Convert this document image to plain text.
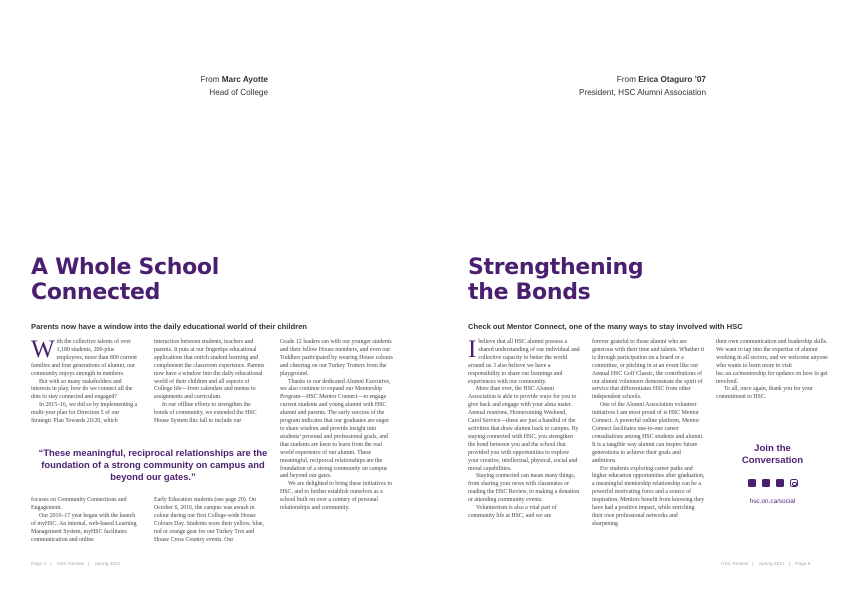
©
Messages
From Marc Ayotte
Head of College
A Whole School
Connected
Parents now have a window into the daily educational world of their children
W ith the collective talents of over 1,180 students, 200-plus employees, more than 800 current families and four generations of alumni, our community enjoys strength in numbers.

But with so many stakeholders and interests in play, how do we connect all the dots to stay connected and engaged?

In 2015–16, we did so by implementing a multi-year plan for Direction 5 of our Strategic Plan Towards 20/20, which

interaction between students, teachers and parents. It puts at our fingertips educational applications that enrich student learning and complement the classroom experience. Parents now have a window into the daily educational world of their children and all aspects of College life—from calendars and menus to assignments and curriculum.

In our offline efforts to strengthen the bonds of community, we extended the HSC House System this fall to include our

“These meaningful, reciprocal relationships are the foundation of a strong community on campus and beyond our gates.”

focuses on Community Connections and Engagement.

Our 2016–17 year began with the launch of myHSC. An internal, web-based Learning Management System, myHSC facilitates communication and online

Early Education students (see page 20). On October 6, 2016, the campus was awash in colour during our first College-wide House Colours Day. Students wore their yellow, blue, red or orange gear for our Turkey Trot and House Cross Country events. Our

Grade 12 leaders ran with our younger students and their fellow House members, and even our Toddlers participated by wearing House colours and cheering on our Turkey Trotters from the playground.

Thanks to our dedicated Alumni Executive, we also continue to expand our Mentorship Program—HSC Mentor Connect—to engage current students and young alumni with HSC alumni and parents. The early success of the program indicates that our graduates are eager to share wisdom and provide insight into students’ personal and professional goals, and that students are keen to learn from the real world experience of our alumni. These meaningful, reciprocal relationships are the foundation of a strong community on campus and beyond our gates.

We are delighted to bring these initiatives to HSC, and to further establish ourselves as a school built on over a century of personal relationships and community.

Page 4 | HSC Review | Spring 2017
From Erica Otaguro ’07
President, HSC Alumni Association
Strengthening
the Bonds
Check out Mentor Connect, one of the many ways to stay involved with HSC
I believe that all HSC alumni possess a shared understanding of our individual and collective capacity to better the world around us. I also believe we have a responsibility to share our learnings and experiences with our community.

More than ever, the HSC Alumni Association is able to provide ways for you to give back and engage with your alma mater. Annual reunions, Homecoming Weekend, Carol Service—these are just a handful of the activities that draw alumni back to campus. By staying connected with HSC, you strengthen the bond between you and the school that provided you with opportunities to explore your creative, intellectual, physical, social and moral capabilities.

Staying connected can mean many things, from sharing your news with classmates or reading the HSC Review, to making a donation or attending community events.

Volunteerism is also a vital part of community life at HSC, and we are

forever grateful to those alumni who are generous with their time and talents. Whether it is through participation on a board or a committee, or pitching in at an event like our Annual HSC Golf Classic, the contributions of our alumni volunteers demonstrate the spirit of service that differentiates HSC from other independent schools.

One of the Alumni Association volunteer initiatives I am most proud of is HSC Mentor Connect. A powerful online platform, Mentor Connect facilitates one-to-one career consultations among HSC students and alumni. It is a tangible way alumni can inspire future generations to achieve their goals and ambitions.

For students exploring career paths and higher education opportunities after graduation, a meaningful mentorship relationship can be a powerful motivating force and a source of inspiration. Mentors benefit from knowing they have had a positive impact, while enriching their own professional networks and sharpening

their own communication and leadership skills. We want to tap into the expertise of alumni working in all sectors, and we welcome anyone who wants to learn more to visit hsc.on.ca/mentorship for updates on how to get involved.

To all, once again, thank you for your commitment to HSC.

Join the
Conversation
hsc.on.ca/social
HSC Review | Spring 2017 | Page 5
